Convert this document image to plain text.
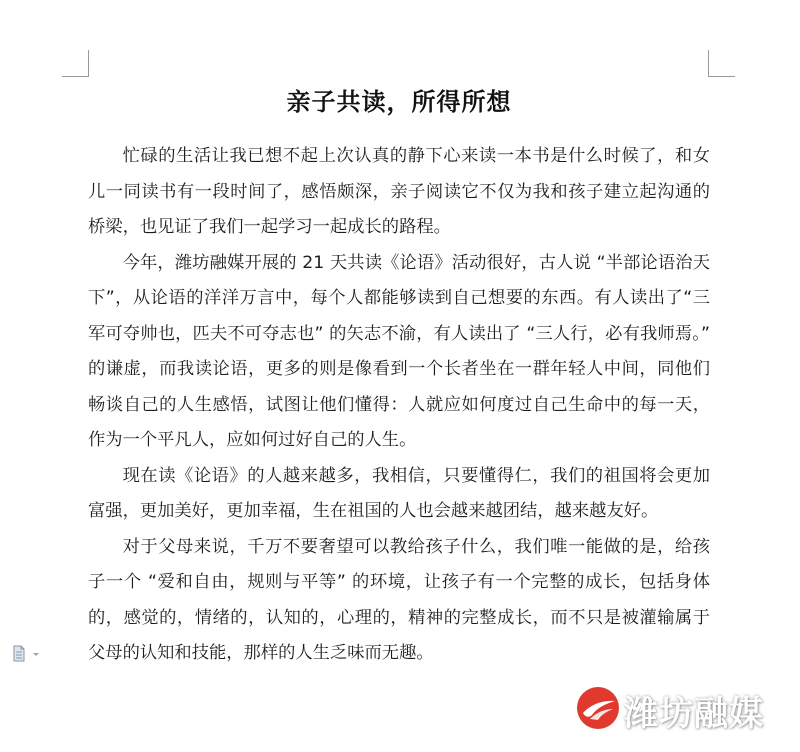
亲子共读，所得所想

忙碌的生活让我已想不起上次认真的静下心来读一本书是什么时候了，和女儿一同读书有一段时间了，感悟颇深，亲子阅读它不仅为我和孩子建立起沟通的桥梁，也见证了我们一起学习一起成长的路程。

今年，潍坊融媒开展的 21 天共读《论语》活动很好，古人说 “半部论语治天下”，从论语的洋洋万言中，每个人都能够读到自己想要的东西。有人读出了“三军可夺帅也，匹夫不可夺志也” 的矢志不渝，有人读出了 “三人行，必有我师焉。” 的谦虚，而我读论语，更多的则是像看到一个长者坐在一群年轻人中间，同他们畅谈自己的人生感悟，试图让他们懂得：人就应如何度过自己生命中的每一天，作为一个平凡人，应如何过好自己的人生。

现在读《论语》的人越来越多，我相信，只要懂得仁，我们的祖国将会更加富强，更加美好，更加幸福，生在祖国的人也会越来越团结，越来越友好。

对于父母来说，千万不要奢望可以教给孩子什么，我们唯一能做的是，给孩子一个 “爱和自由，规则与平等” 的环境，让孩子有一个完整的成长，包括身体的，感觉的，情绪的，认知的，心理的，精神的完整成长，而不只是被灌输属于父母的认知和技能，那样的人生乏味而无趣。

潍坊融媒
